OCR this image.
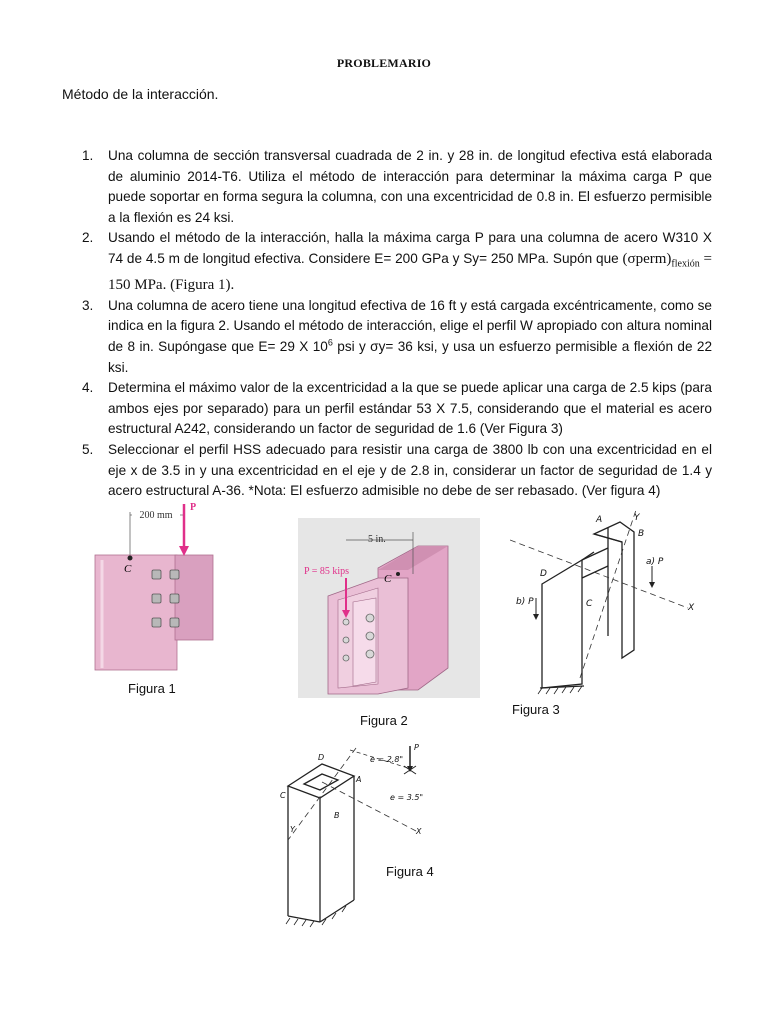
PROBLEMARIO
Método de la interacción.
1. Una columna de sección transversal cuadrada de 2 in. y 28 in. de longitud efectiva está elaborada de aluminio 2014-T6. Utiliza el método de interacción para determinar la máxima carga P que puede soportar en forma segura la columna, con una excentricidad de 0.8 in. El esfuerzo permisible a la flexión es 24 ksi.
2. Usando el método de la interacción, halla la máxima carga P para una columna de acero W310 X 74 de 4.5 m de longitud efectiva. Considere E= 200 GPa y Sy= 250 MPa. Supón que $(\sigma perm)_{flexión} = 150$ MPa. (Figura 1).
3. Una columna de acero tiene una longitud efectiva de 16 ft y está cargada excéntricamente, como se indica en la figura 2. Usando el método de interacción, elige el perfil W apropiado con altura nominal de 8 in. Supóngase que E= 29 X $10^6$ psi y σy= 36 ksi, y usa un esfuerzo permisible a flexión de 22 ksi.
4. Determina el máximo valor de la excentricidad a la que se puede aplicar una carga de 2.5 kips (para ambos ejes por separado) para un perfil estándar 53 X 7.5, considerando que el material es acero estructural A242, considerando un factor de seguridad de 1.6 (Ver Figura 3)
5. Seleccionar el perfil HSS adecuado para resistir una carga de 3800 lb con una excentricidad en el eje x de 3.5 in y una excentricidad en el eje y de 2.8 in, considerar un factor de seguridad de 1.4 y acero estructural A-36. *Nota: El esfuerzo admisible no debe de ser rebasado. (Ver figura 4)
200 mm
C
P
Figura 1
P = 85 kips
5 in.
C
Figura 2
A
B
C
D
Y
X
a) P
b) P
Figura 3
P
e = 2.8"
e = 3.5"
X
Y
A
B
C
D
Figura 4
